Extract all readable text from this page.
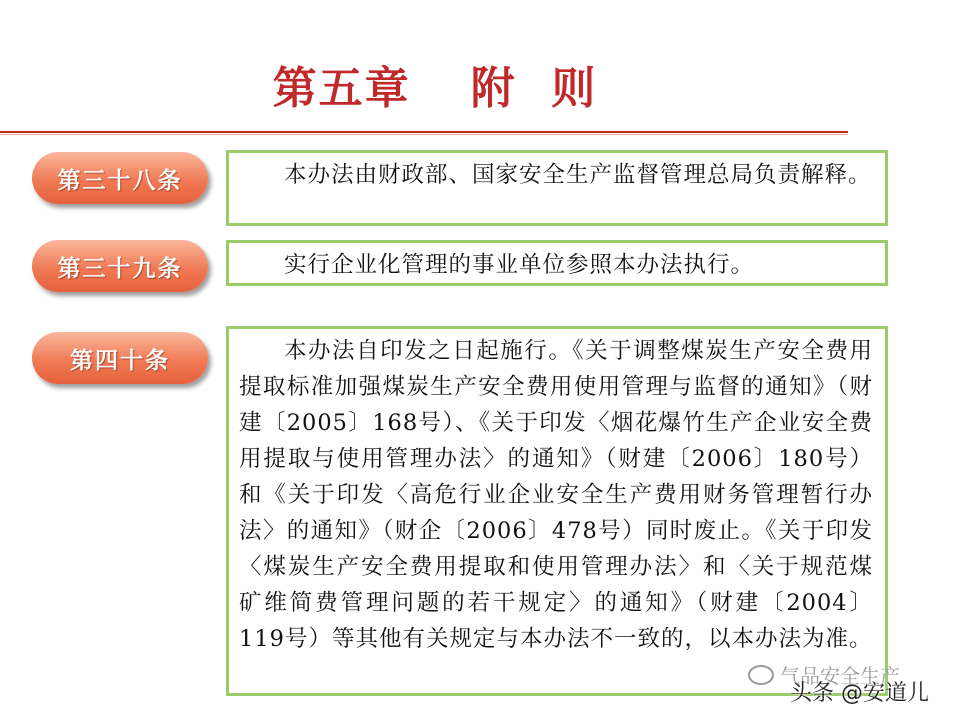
第五章 附  则
第三十八条	本办法由财政部、国家安全生产监督管理总局负责解释。

第三十九条	实行企业化管理的事业单位参照本办法执行。

第四十条	本办法自印发之日起施行。《关于调整煤炭生产安全费用提取标准加强煤炭生产安全费用使用管理与监督的通知》（财建〔2005〕168号）、《关于印发〈烟花爆竹生产企业安全费用提取与使用管理办法〉的通知》（财建〔2006〕180号）和《关于印发〈高危行业企业安全生产费用财务管理暂行办法〉的通知》（财企〔2006〕478号）同时废止。《关于印发〈煤炭生产安全费用提取和使用管理办法〉和〈关于规范煤矿维简费管理问题的若干规定〉的通知》（财建〔2004〕119号）等其他有关规定与本办法不一致的，以本办法为准。

气品安全生产
头条 @安道儿
